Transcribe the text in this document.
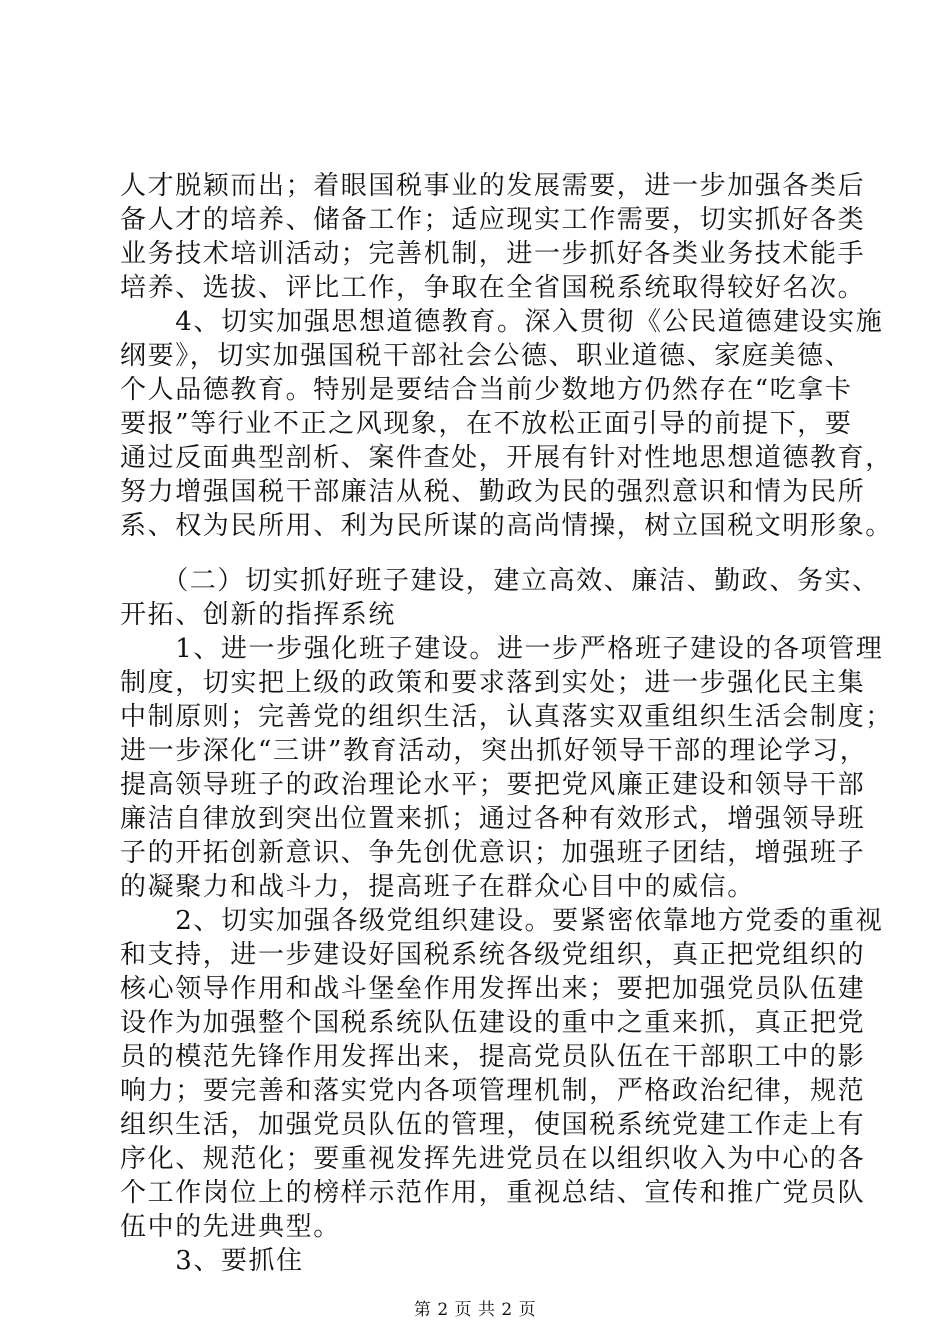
人才脱颖而出；着眼国税事业的发展需要，进一步加强各类后
备人才的培养、储备工作；适应现实工作需要，切实抓好各类
业务技术培训活动；完善机制，进一步抓好各类业务技术能手
培养、选拔、评比工作，争取在全省国税系统取得较好名次。
　　4、切实加强思想道德教育。深入贯彻《公民道德建设实施
纲要》，切实加强国税干部社会公德、职业道德、家庭美德、
个人品德教育。特别是要结合当前少数地方仍然存在“吃拿卡
要报”等行业不正之风现象，在不放松正面引导的前提下，要
通过反面典型剖析、案件查处，开展有针对性地思想道德教育，
努力增强国税干部廉洁从税、勤政为民的强烈意识和情为民所
系、权为民所用、利为民所谋的高尚情操，树立国税文明形象。
　　（二）切实抓好班子建设，建立高效、廉洁、勤政、务实、
开拓、创新的指挥系统
　　1、进一步强化班子建设。进一步严格班子建设的各项管理
制度，切实把上级的政策和要求落到实处；进一步强化民主集
中制原则；完善党的组织生活，认真落实双重组织生活会制度；
进一步深化“三讲”教育活动，突出抓好领导干部的理论学习，
提高领导班子的政治理论水平；要把党风廉正建设和领导干部
廉洁自律放到突出位置来抓；通过各种有效形式，增强领导班
子的开拓创新意识、争先创优意识；加强班子团结，增强班子
的凝聚力和战斗力，提高班子在群众心目中的威信。
　　2、切实加强各级党组织建设。要紧密依靠地方党委的重视
和支持，进一步建设好国税系统各级党组织，真正把党组织的
核心领导作用和战斗堡垒作用发挥出来；要把加强党员队伍建
设作为加强整个国税系统队伍建设的重中之重来抓，真正把党
员的模范先锋作用发挥出来，提高党员队伍在干部职工中的影
响力；要完善和落实党内各项管理机制，严格政治纪律，规范
组织生活，加强党员队伍的管理，使国税系统党建工作走上有
序化、规范化；要重视发挥先进党员在以组织收入为中心的各
个工作岗位上的榜样示范作用，重视总结、宣传和推广党员队
伍中的先进典型。
　　3、要抓住
第 2 页 共 2 页
